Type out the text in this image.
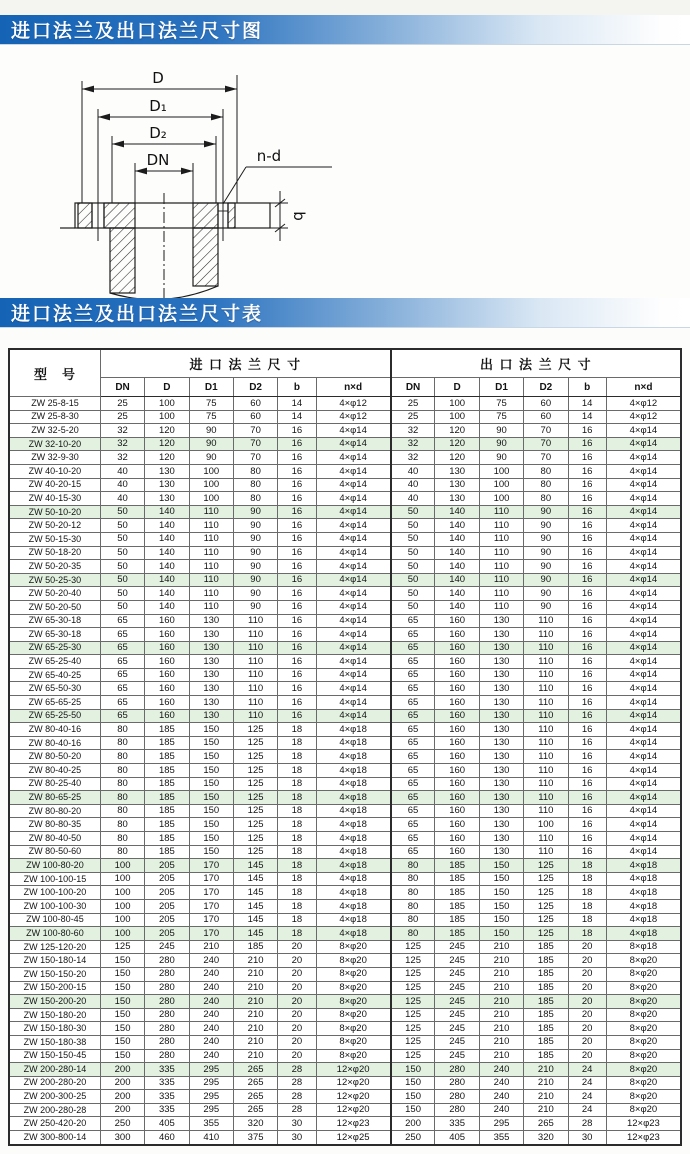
进口法兰及出口法兰尺寸图
D
D₁
D₂
DN	n-d
b
进口法兰及出口法兰尺寸表
型　号	进 口 法 兰 尺 寸						出 口 法 兰 尺 寸					
	DN	D	D1	D2	b	n×d	DN	D	D1	D2	b	n×d
ZW 25-8-15	25	100	75	60	14	4×φ12	25	100	75	60	14	4×φ12
ZW 25-8-30	25	100	75	60	14	4×φ12	25	100	75	60	14	4×φ12
ZW 32-5-20	32	120	90	70	16	4×φ14	32	120	90	70	16	4×φ14
ZW 32-10-20	32	120	90	70	16	4×φ14	32	120	90	70	16	4×φ14
ZW 32-9-30	32	120	90	70	16	4×φ14	32	120	90	70	16	4×φ14
ZW 40-10-20	40	130	100	80	16	4×φ14	40	130	100	80	16	4×φ14
ZW 40-20-15	40	130	100	80	16	4×φ14	40	130	100	80	16	4×φ14
ZW 40-15-30	40	130	100	80	16	4×φ14	40	130	100	80	16	4×φ14
ZW 50-10-20	50	140	110	90	16	4×φ14	50	140	110	90	16	4×φ14
ZW 50-20-12	50	140	110	90	16	4×φ14	50	140	110	90	16	4×φ14
ZW 50-15-30	50	140	110	90	16	4×φ14	50	140	110	90	16	4×φ14
ZW 50-18-20	50	140	110	90	16	4×φ14	50	140	110	90	16	4×φ14
ZW 50-20-35	50	140	110	90	16	4×φ14	50	140	110	90	16	4×φ14
ZW 50-25-30	50	140	110	90	16	4×φ14	50	140	110	90	16	4×φ14
ZW 50-20-40	50	140	110	90	16	4×φ14	50	140	110	90	16	4×φ14
ZW 50-20-50	50	140	110	90	16	4×φ14	50	140	110	90	16	4×φ14
ZW 65-30-18	65	160	130	110	16	4×φ14	65	160	130	110	16	4×φ14
ZW 65-30-18	65	160	130	110	16	4×φ14	65	160	130	110	16	4×φ14
ZW 65-25-30	65	160	130	110	16	4×φ14	65	160	130	110	16	4×φ14
ZW 65-25-40	65	160	130	110	16	4×φ14	65	160	130	110	16	4×φ14
ZW 65-40-25	65	160	130	110	16	4×φ14	65	160	130	110	16	4×φ14
ZW 65-50-30	65	160	130	110	16	4×φ14	65	160	130	110	16	4×φ14
ZW 65-65-25	65	160	130	110	16	4×φ14	65	160	130	110	16	4×φ14
ZW 65-25-50	65	160	130	110	16	4×φ14	65	160	130	110	16	4×φ14
ZW 80-40-16	80	185	150	125	18	4×φ18	65	160	130	110	16	4×φ14
ZW 80-40-16	80	185	150	125	18	4×φ18	65	160	130	110	16	4×φ14
ZW 80-50-20	80	185	150	125	18	4×φ18	65	160	130	110	16	4×φ14
ZW 80-40-25	80	185	150	125	18	4×φ18	65	160	130	110	16	4×φ14
ZW 80-25-40	80	185	150	125	18	4×φ18	65	160	130	110	16	4×φ14
ZW 80-65-25	80	185	150	125	18	4×φ18	65	160	130	110	16	4×φ14
ZW 80-80-20	80	185	150	125	18	4×φ18	65	160	130	110	16	4×φ14
ZW 80-80-35	80	185	150	125	18	4×φ18	65	160	130	100	16	4×φ14
ZW 80-40-50	80	185	150	125	18	4×φ18	65	160	130	110	16	4×φ14
ZW 80-50-60	80	185	150	125	18	4×φ18	65	160	130	110	16	4×φ14
ZW 100-80-20	100	205	170	145	18	4×φ18	80	185	150	125	18	4×φ18
ZW 100-100-15	100	205	170	145	18	4×φ18	80	185	150	125	18	4×φ18
ZW 100-100-20	100	205	170	145	18	4×φ18	80	185	150	125	18	4×φ18
ZW 100-100-30	100	205	170	145	18	4×φ18	80	185	150	125	18	4×φ18
ZW 100-80-45	100	205	170	145	18	4×φ18	80	185	150	125	18	4×φ18
ZW 100-80-60	100	205	170	145	18	4×φ18	80	185	150	125	18	4×φ18
ZW 125-120-20	125	245	210	185	20	8×φ20	125	245	210	185	20	8×φ18
ZW 150-180-14	150	280	240	210	20	8×φ20	125	245	210	185	20	8×φ20
ZW 150-150-20	150	280	240	210	20	8×φ20	125	245	210	185	20	8×φ20
ZW 150-200-15	150	280	240	210	20	8×φ20	125	245	210	185	20	8×φ20
ZW 150-200-20	150	280	240	210	20	8×φ20	125	245	210	185	20	8×φ20
ZW 150-180-20	150	280	240	210	20	8×φ20	125	245	210	185	20	8×φ20
ZW 150-180-30	150	280	240	210	20	8×φ20	125	245	210	185	20	8×φ20
ZW 150-180-38	150	280	240	210	20	8×φ20	125	245	210	185	20	8×φ20
ZW 150-150-45	150	280	240	210	20	8×φ20	125	245	210	185	20	8×φ20
ZW 200-280-14	200	335	295	265	28	12×φ20	150	280	240	210	24	8×φ20
ZW 200-280-20	200	335	295	265	28	12×φ20	150	280	240	210	24	8×φ20
ZW 200-300-25	200	335	295	265	28	12×φ20	150	280	240	210	24	8×φ20
ZW 200-280-28	200	335	295	265	28	12×φ20	150	280	240	210	24	8×φ20
ZW 250-420-20	250	405	355	320	30	12×φ23	200	335	295	265	28	12×φ23
ZW 300-800-14	300	460	410	375	30	12×φ25	250	405	355	320	30	12×φ23
